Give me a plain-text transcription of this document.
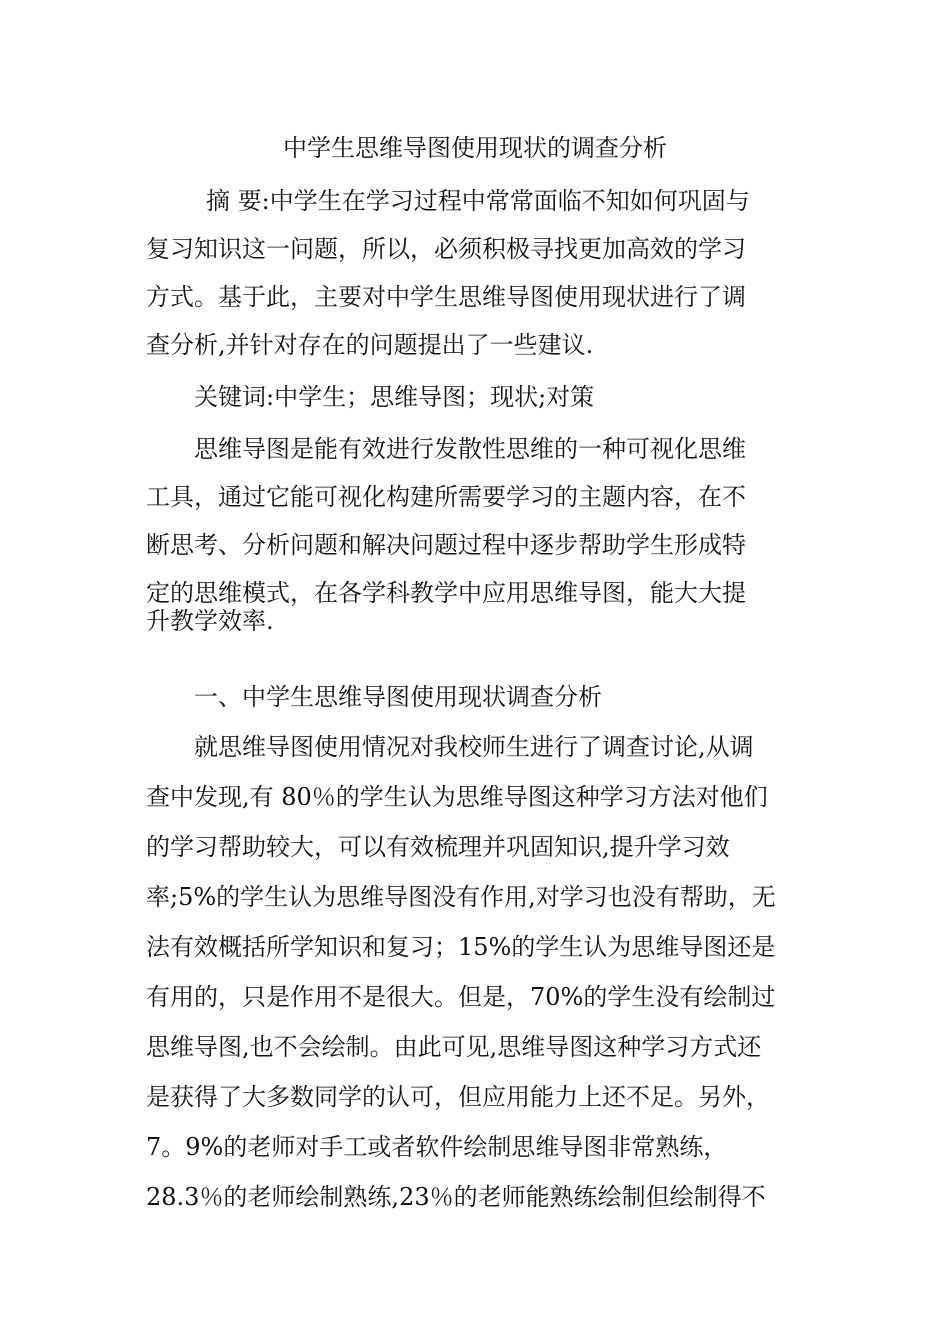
中学生思维导图使用现状的调查分析
摘 要:中学生在学习过程中常常面临不知如何巩固与
复习知识这一问题，所以，必须积极寻找更加高效的学习
方式。基于此，主要对中学生思维导图使用现状进行了调
查分析,并针对存在的问题提出了一些建议.
关键词:中学生；思维导图；现状;对策
思维导图是能有效进行发散性思维的一种可视化思维
工具，通过它能可视化构建所需要学习的主题内容，在不
断思考、分析问题和解决问题过程中逐步帮助学生形成特
定的思维模式，在各学科教学中应用思维导图，能大大提
升教学效率.
一、中学生思维导图使用现状调查分析
就思维导图使用情况对我校师生进行了调查讨论,从调
查中发现,有 80％的学生认为思维导图这种学习方法对他们
的学习帮助较大，可以有效梳理并巩固知识,提升学习效
率;5%的学生认为思维导图没有作用,对学习也没有帮助，无
法有效概括所学知识和复习；15%的学生认为思维导图还是
有用的，只是作用不是很大。但是，70%的学生没有绘制过
思维导图,也不会绘制。由此可见,思维导图这种学习方式还
是获得了大多数同学的认可，但应用能力上还不足。另外，
7。9%的老师对手工或者软件绘制思维导图非常熟练，
28.3％的老师绘制熟练,23％的老师能熟练绘制但绘制得不
